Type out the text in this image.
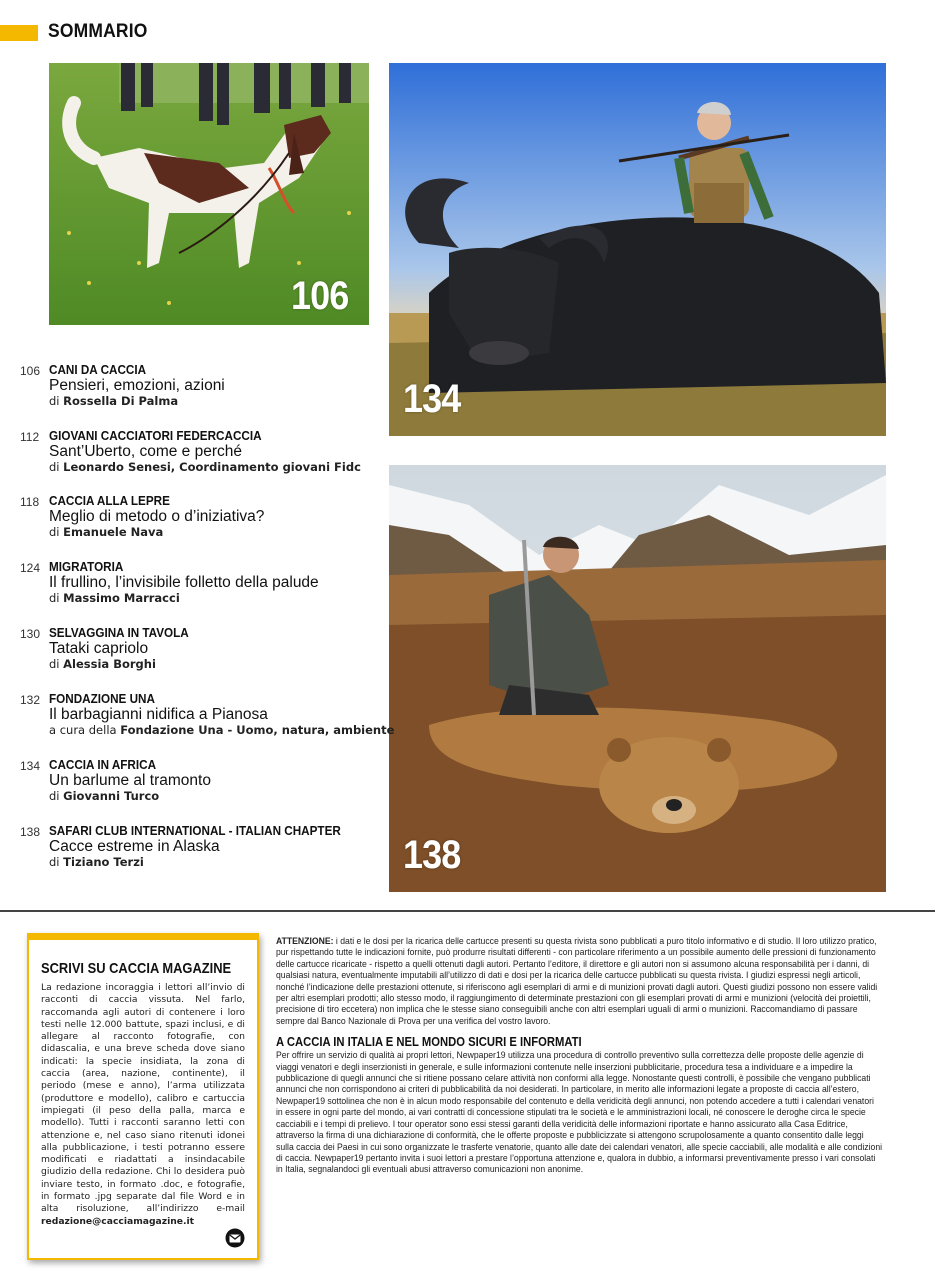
SOMMARIO
106
134
138
106 CANI DA CACCIA
Pensieri, emozioni, azioni
di Rossella Di Palma
112 GIOVANI CACCIATORI FEDERCACCIA
Sant’Uberto, come e perché
di Leonardo Senesi, Coordinamento giovani Fidc
118 CACCIA ALLA LEPRE
Meglio di metodo o d’iniziativa?
di Emanuele Nava
124 MIGRATORIA
Il frullino, l’invisibile folletto della palude
di Massimo Marracci
130 SELVAGGINA IN TAVOLA
Tataki capriolo
di Alessia Borghi
132 FONDAZIONE UNA
Il barbagianni nidifica a Pianosa
a cura della Fondazione Una - Uomo, natura, ambiente
134 CACCIA IN AFRICA
Un barlume al tramonto
di Giovanni Turco
138 SAFARI CLUB INTERNATIONAL - ITALIAN CHAPTER
Cacce estreme in Alaska
di Tiziano Terzi
SCRIVI SU CACCIA MAGAZINE
La redazione incoraggia i lettori all’invio di racconti di caccia vissuta. Nel farlo, raccomanda agli autori di contenere i loro testi nelle 12.000 battute, spazi inclusi, e di allegare al racconto fotografie, con didascalia, e una breve scheda dove siano indicati: la specie insidiata, la zona di caccia (area, nazione, continente), il periodo (mese e anno), l’arma utilizzata (produttore e modello), calibro e cartuccia impiegati (il peso della palla, marca e modello). Tutti i racconti saranno letti con attenzione e, nel caso siano ritenuti idonei alla pubblicazione, i testi potranno essere modificati e riadattati a insindacabile giudizio della redazione. Chi lo desidera può inviare testo, in formato .doc, e fotografie, in formato .jpg separate dal file Word e in alta risoluzione, all’indirizzo e-mail redazione@cacciamagazine.it

ATTENZIONE: i dati e le dosi per la ricarica delle cartucce presenti su questa rivista sono pubblicati a puro titolo informativo e di studio. Il loro utilizzo pratico, pur rispettando tutte le indicazioni fornite, può produrre risultati differenti - con particolare riferimento a un possibile aumento delle pressioni di funzionamento delle cartucce ricaricate - rispetto a quelli ottenuti dagli autori. Pertanto l’editore, il direttore e gli autori non si assumono alcuna responsabilità per i danni, di qualsiasi natura, eventualmente imputabili all’utilizzo di dati e dosi per la ricarica delle cartucce pubblicati su questa rivista. I giudizi espressi negli articoli, nonché l’indicazione delle prestazioni ottenute, si riferiscono agli esemplari di armi e di munizioni provati dagli autori. Questi giudizi possono non essere validi per altri esemplari prodotti; allo stesso modo, il raggiungimento di determinate prestazioni con gli esemplari provati di armi e munizioni (velocità dei proiettili, precisione di tiro eccetera) non implica che le stesse siano conseguibili anche con altri esemplari uguali di armi o munizioni. Raccomandiamo di passare sempre dal Banco Nazionale di Prova per una verifica del vostro lavoro.

A CACCIA IN ITALIA E NEL MONDO SICURI E INFORMATI

Per offrire un servizio di qualità ai propri lettori, Newpaper19 utilizza una procedura di controllo preventivo sulla correttezza delle proposte delle agenzie di viaggi venatori e degli inserzionisti in generale, e sulle informazioni contenute nelle inserzioni pubblicitarie, procedura tesa a individuare e a impedire la pubblicazione di quegli annunci che si ritiene possano celare attività non conformi alla legge. Nonostante questi controlli, è possibile che vengano pubblicati annunci che non corrispondono ai criteri di pubblicabilità da noi desiderati. In particolare, in merito alle informazioni legate a proposte di caccia all’estero, Newpaper19 sottolinea che non è in alcun modo responsabile del contenuto e della veridicità degli annunci, non potendo accedere a tutti i calendari venatori in essere in ogni parte del mondo, ai vari contratti di concessione stipulati tra le società e le amministrazioni locali, né conoscere le deroghe circa le specie cacciabili e i tempi di prelievo. I tour operator sono essi stessi garanti della veridicità delle informazioni riportate e hanno assicurato alla Casa Editrice, attraverso la firma di una dichiarazione di conformità, che le offerte proposte e pubblicizzate si attengono scrupolosamente a quanto consentito dalle leggi sulla caccia dei Paesi in cui sono organizzate le trasferte venatorie, quanto alle date dei calendari venatori, alle specie cacciabili, alle modalità e alle condizioni di caccia. Newpaper19 pertanto invita i suoi lettori a prestare l’opportuna attenzione e, qualora in dubbio, a informarsi preventivamente presso i vari consolati in Italia, segnalandoci gli eventuali abusi attraverso comunicazioni non anonime.
